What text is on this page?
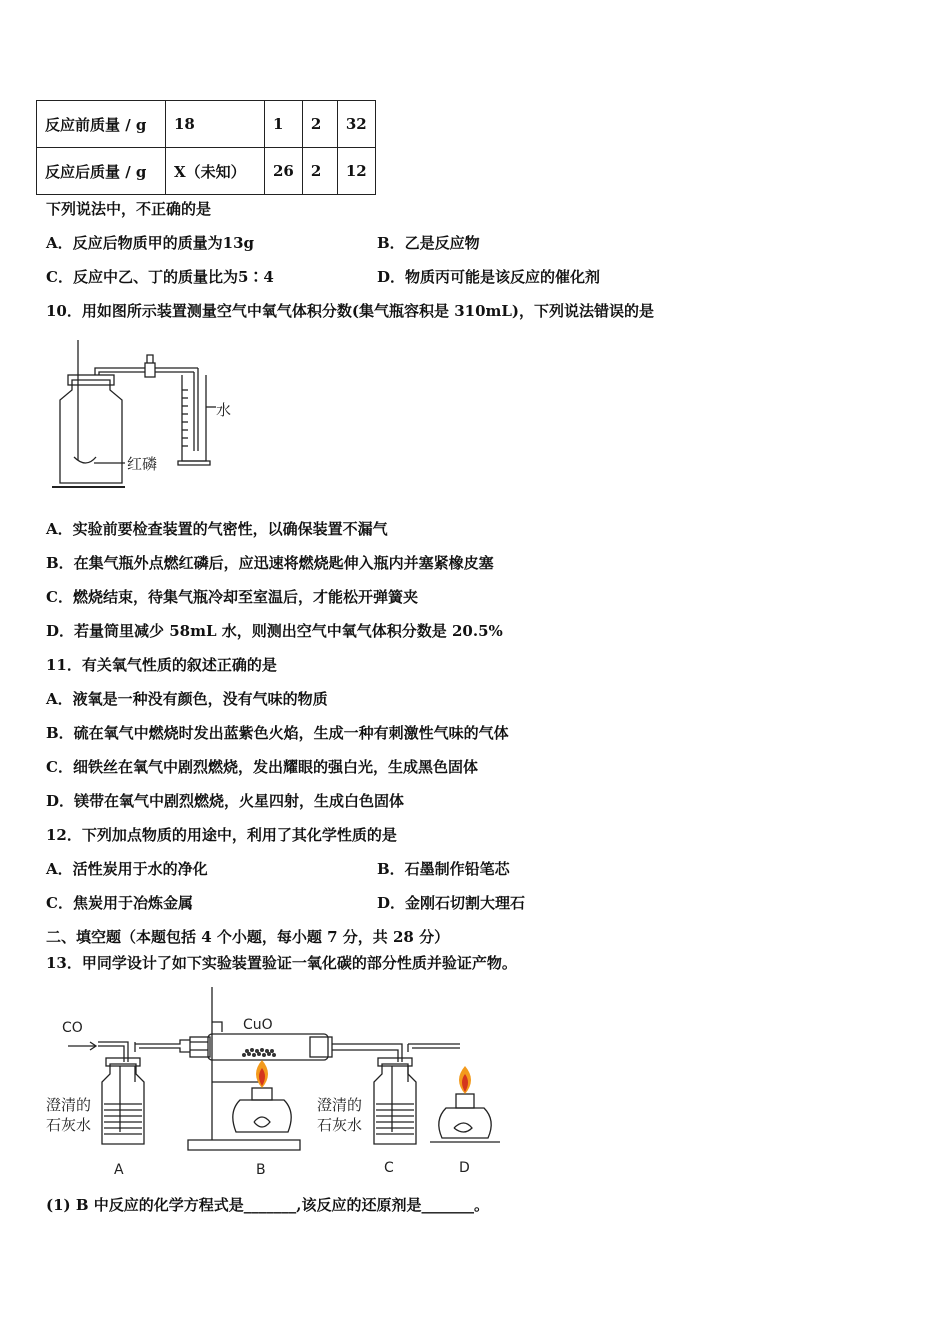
反应前质量 / g	18	1	2	32
反应后质量 / g	X（未知）	26	2	12
下列说法中，不正确的是
A．反应后物质甲的质量为13g	B．乙是反应物
C．反应中乙、丁的质量比为5∶4	D．物质丙可能是该反应的催化剂
10．用如图所示装置测量空气中氧气体积分数(集气瓶容积是 310mL)，下列说法错误的是
水
红磷
A．实验前要检查装置的气密性，以确保装置不漏气
B．在集气瓶外点燃红磷后，应迅速将燃烧匙伸入瓶内并塞紧橡皮塞
C．燃烧结束，待集气瓶冷却至室温后，才能松开弹簧夹
D．若量筒里减少 58mL 水，则测出空气中氧气体积分数是 20.5%
11．有关氧气性质的叙述正确的是
A．液氧是一种没有颜色，没有气味的物质
B．硫在氧气中燃烧时发出蓝紫色火焰，生成一种有刺激性气味的气体
C．细铁丝在氧气中剧烈燃烧，发出耀眼的强白光，生成黑色固体
D．镁带在氧气中剧烈燃烧，火星四射，生成白色固体
12．下列加点物质的用途中，利用了其化学性质的是
A．活性炭用于水的净化	B．石墨制作铅笔芯
C．焦炭用于冶炼金属	D．金刚石切割大理石
二、填空题（本题包括 4 个小题，每小题 7 分，共 28 分）
13．甲同学设计了如下实验装置验证一氧化碳的部分性质并验证产物。
CO	CuO
澄清的
石灰水
澄清的
石灰水
A	B	C	D
(1) B 中反应的化学方程式是_______,该反应的还原剂是_______。
